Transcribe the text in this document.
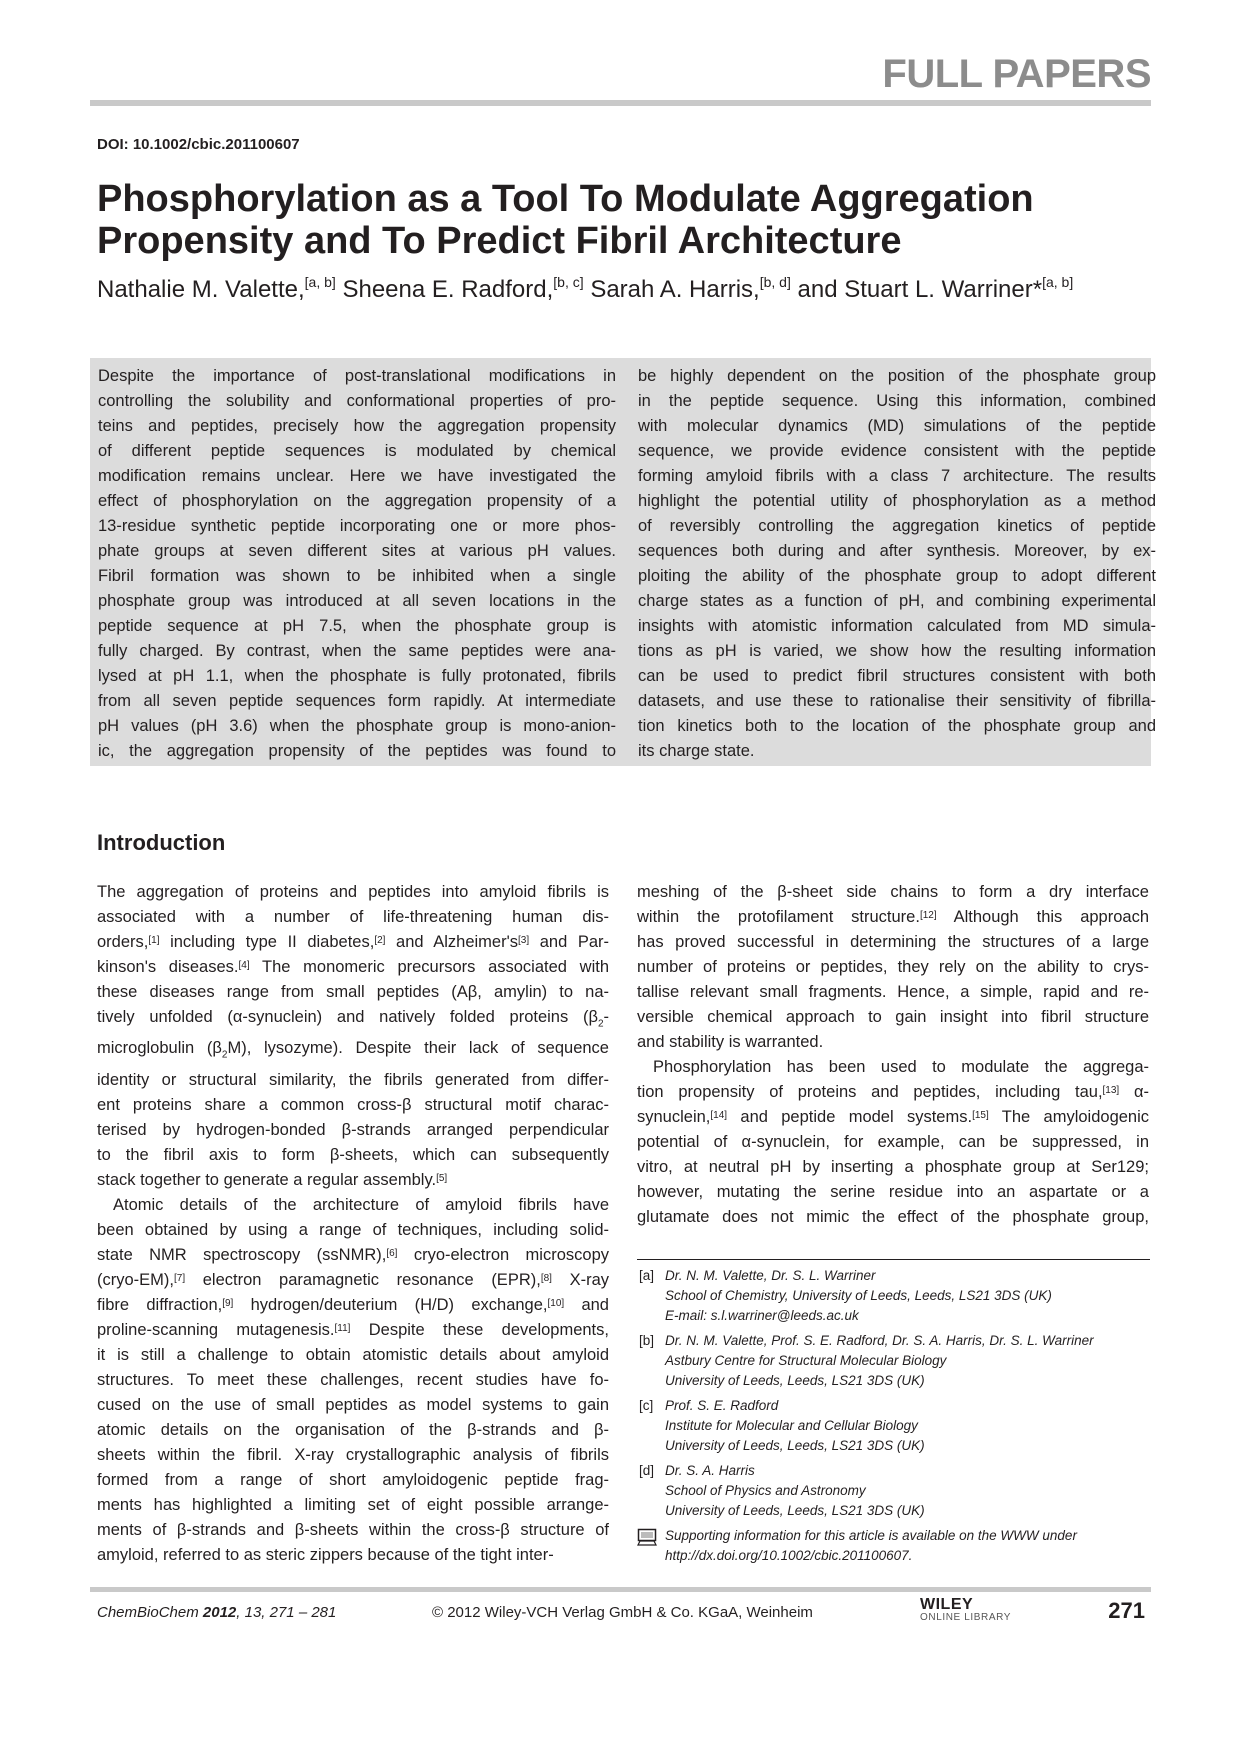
FULL PAPERS
DOI: 10.1002/cbic.201100607
Phosphorylation as a Tool To Modulate Aggregation
Propensity and To Predict Fibril Architecture
Nathalie M. Valette,[a, b] Sheena E. Radford,[b, c] Sarah A. Harris,[b, d] and Stuart L. Warriner*[a, b]
Despite the importance of post-translational modifications in
controlling the solubility and conformational properties of pro-
teins and peptides, precisely how the aggregation propensity
of different peptide sequences is modulated by chemical
modification remains unclear. Here we have investigated the
effect of phosphorylation on the aggregation propensity of a
13-residue synthetic peptide incorporating one or more phos-
phate groups at seven different sites at various pH values.
Fibril formation was shown to be inhibited when a single
phosphate group was introduced at all seven locations in the
peptide sequence at pH 7.5, when the phosphate group is
fully charged. By contrast, when the same peptides were ana-
lysed at pH 1.1, when the phosphate is fully protonated, fibrils
from all seven peptide sequences form rapidly. At intermediate
pH values (pH 3.6) when the phosphate group is mono-anion-
ic, the aggregation propensity of the peptides was found to
be highly dependent on the position of the phosphate group
in the peptide sequence. Using this information, combined
with molecular dynamics (MD) simulations of the peptide
sequence, we provide evidence consistent with the peptide
forming amyloid fibrils with a class 7 architecture. The results
highlight the potential utility of phosphorylation as a method
of reversibly controlling the aggregation kinetics of peptide
sequences both during and after synthesis. Moreover, by ex-
ploiting the ability of the phosphate group to adopt different
charge states as a function of pH, and combining experimental
insights with atomistic information calculated from MD simula-
tions as pH is varied, we show how the resulting information
can be used to predict fibril structures consistent with both
datasets, and use these to rationalise their sensitivity of fibrilla-
tion kinetics both to the location of the phosphate group and
its charge state.
Introduction
The aggregation of proteins and peptides into amyloid fibrils is
associated with a number of life-threatening human dis-
orders,[1] including type II diabetes,[2] and Alzheimer's[3] and Par-
kinson's diseases.[4] The monomeric precursors associated with
these diseases range from small peptides (Aβ, amylin) to na-
tively unfolded (α-synuclein) and natively folded proteins ($\beta_2-$
microglobulin $(\beta_2M)$, lysozyme). Despite their lack of sequence
identity or structural similarity, the fibrils generated from differ-
ent proteins share a common cross-β structural motif charac-
terised by hydrogen-bonded β-strands arranged perpendicular
to the fibril axis to form β-sheets, which can subsequently
stack together to generate a regular assembly.[5]
Atomic details of the architecture of amyloid fibrils have
been obtained by using a range of techniques, including solid-
state NMR spectroscopy (ssNMR),[6] cryo-electron microscopy
(cryo-EM),[7] electron paramagnetic resonance (EPR),[8] X-ray
fibre diffraction,[9] hydrogen/deuterium (H/D) exchange,[10] and
proline-scanning mutagenesis.[11] Despite these developments,
it is still a challenge to obtain atomistic details about amyloid
structures. To meet these challenges, recent studies have fo-
cused on the use of small peptides as model systems to gain
atomic details on the organisation of the β-strands and β-
sheets within the fibril. X-ray crystallographic analysis of fibrils
formed from a range of short amyloidogenic peptide frag-
ments has highlighted a limiting set of eight possible arrange-
ments of β-strands and β-sheets within the cross-β structure of
amyloid, referred to as steric zippers because of the tight inter-
meshing of the β-sheet side chains to form a dry interface
within the protofilament structure.[12] Although this approach
has proved successful in determining the structures of a large
number of proteins or peptides, they rely on the ability to crys-
tallise relevant small fragments. Hence, a simple, rapid and re-
versible chemical approach to gain insight into fibril structure
and stability is warranted.
Phosphorylation has been used to modulate the aggrega-
tion propensity of proteins and peptides, including tau,[13] α-
synuclein,[14] and peptide model systems.[15] The amyloidogenic
potential of α-synuclein, for example, can be suppressed, in
vitro, at neutral pH by inserting a phosphate group at Ser129;
however, mutating the serine residue into an aspartate or a
glutamate does not mimic the effect of the phosphate group,
[a] Dr. N. M. Valette, Dr. S. L. Warriner
School of Chemistry, University of Leeds, Leeds, LS21 3DS (UK)
E-mail: s.l.warriner@leeds.ac.uk
[b] Dr. N. M. Valette, Prof. S. E. Radford, Dr. S. A. Harris, Dr. S. L. Warriner
Astbury Centre for Structural Molecular Biology
University of Leeds, Leeds, LS21 3DS (UK)
[c] Prof. S. E. Radford
Institute for Molecular and Cellular Biology
University of Leeds, Leeds, LS21 3DS (UK)
[d] Dr. S. A. Harris
School of Physics and Astronomy
University of Leeds, Leeds, LS21 3DS (UK)
Supporting information for this article is available on the WWW under
http://dx.doi.org/10.1002/cbic.201100607.
ChemBioChem 2012, 13, 271 – 281	© 2012 Wiley-VCH Verlag GmbH & Co. KGaA, Weinheim	WILEY
ONLINE LIBRARY	271
